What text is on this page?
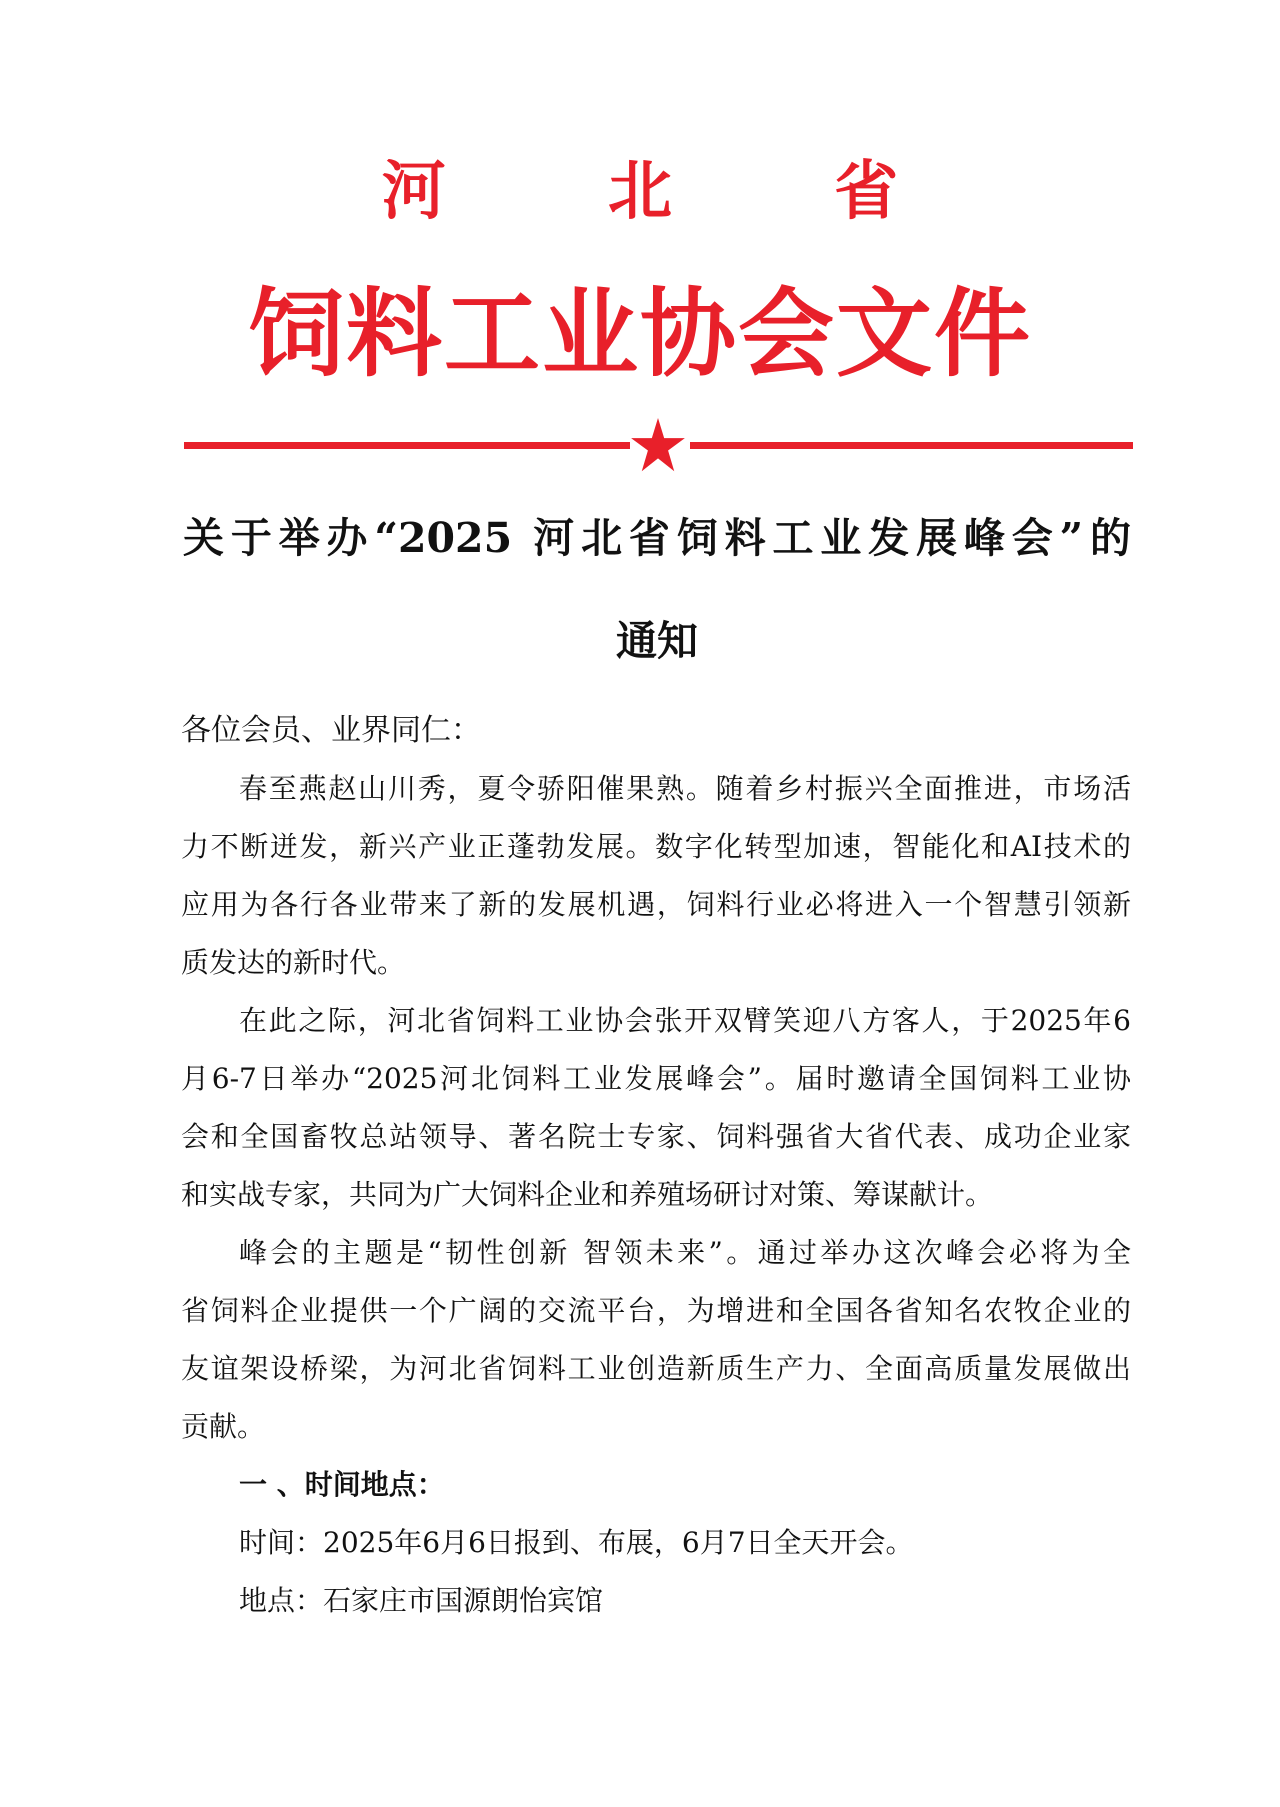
河 北 省
饲料工业协会文件
关于举办“2025 河北省饲料工业发展峰会”的
通知
各位会员、业界同仁：
春至燕赵山川秀，夏令骄阳催果熟。随着乡村振兴全面推进，市场活
力不断迸发，新兴产业正蓬勃发展。数字化转型加速，智能化和AI技术的
应用为各行各业带来了新的发展机遇，饲料行业必将进入一个智慧引领新
质发达的新时代。
在此之际，河北省饲料工业协会张开双臂笑迎八方客人，于2025年6
月6-7日举办“2025河北饲料工业发展峰会”。届时邀请全国饲料工业协
会和全国畜牧总站领导、著名院士专家、饲料强省大省代表、成功企业家
和实战专家，共同为广大饲料企业和养殖场研讨对策、筹谋献计。
峰会的主题是“韧性创新 智领未来”。通过举办这次峰会必将为全
省饲料企业提供一个广阔的交流平台，为增进和全国各省知名农牧企业的
友谊架设桥梁，为河北省饲料工业创造新质生产力、全面高质量发展做出
贡献。
一 、时间地点：
时间：2025年6月6日报到、布展，6月7日全天开会。
地点：石家庄市国源朗怡宾馆
